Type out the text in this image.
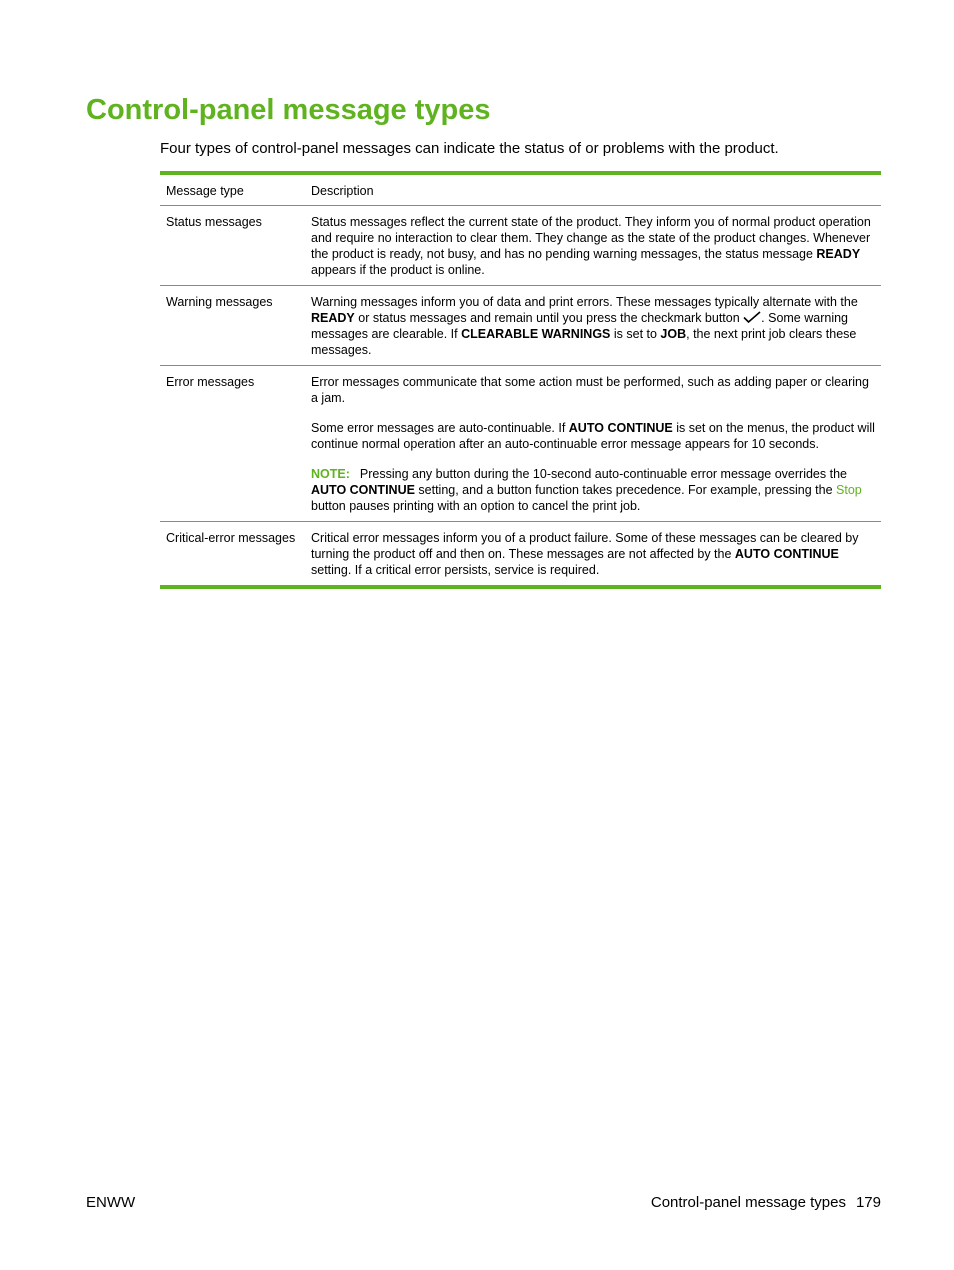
Control-panel message types

Four types of control-panel messages can indicate the status of or problems with the product.

Message type	Description
Status messages	Status messages reflect the current state of the product. They inform you of normal product operation and require no interaction to clear them. They change as the state of the product changes. Whenever the product is ready, not busy, and has no pending warning messages, the status message READY appears if the product is online.
Warning messages	Warning messages inform you of data and print errors. These messages typically alternate with the READY or status messages and remain until you press the checkmark button . Some warning messages are clearable. If CLEARABLE WARNINGS is set to JOB, the next print job clears these messages.
Error messages	Error messages communicate that some action must be performed, such as adding paper or clearing a jam.

Some error messages are auto-continuable. If AUTO CONTINUE is set on the menus, the product will continue normal operation after an auto-continuable error message appears for 10 seconds.

NOTE: Pressing any button during the 10-second auto-continuable error message overrides the AUTO CONTINUE setting, and a button function takes precedence. For example, pressing the Stop button pauses printing with an option to cancel the print job.

Critical-error messages	Critical error messages inform you of a product failure. Some of these messages can be cleared by turning the product off and then on. These messages are not affected by the AUTO CONTINUE setting. If a critical error persists, service is required.
ENWW	Control-panel message types 179
